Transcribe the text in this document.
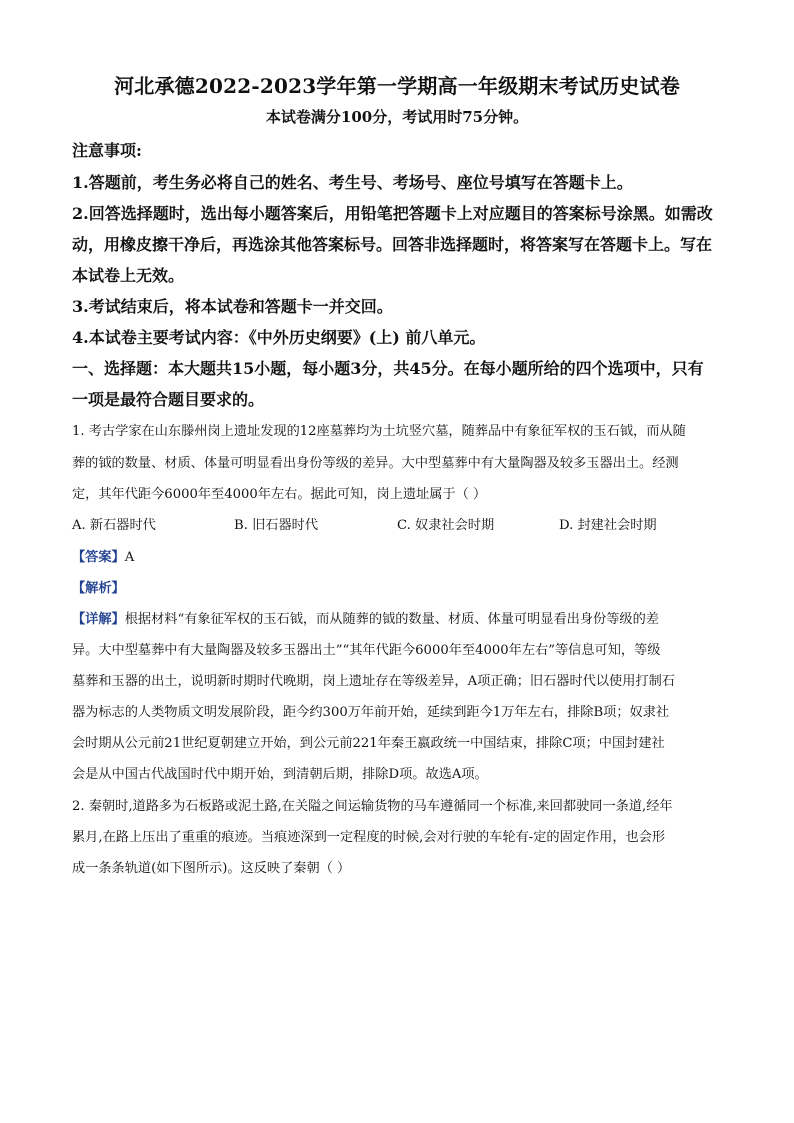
河北承德2022-2023学年第一学期高一年级期末考试历史试卷
本试卷满分100分，考试用时75分钟。
注意事项:
1.答题前，考生务必将自己的姓名、考生号、考场号、座位号填写在答题卡上。
2.回答选择题时，选出每小题答案后，用铅笔把答题卡上对应题目的答案标号涂黑。如需改
动，用橡皮擦干净后，再选涂其他答案标号。回答非选择题时，将答案写在答题卡上。写在
本试卷上无效。
3.考试结束后，将本试卷和答题卡一并交回。
4.本试卷主要考试内容：《中外历史纲要》(上) 前八单元。
一、选择题：本大题共15小题，每小题3分，共45分。在每小题所给的四个选项中，只有
一项是最符合题目要求的。
1. 考古学家在山东滕州岗上遗址发现的12座墓葬均为土坑竖穴墓，随葬品中有象征军权的玉石钺，而从随
葬的钺的数量、材质、体量可明显看出身份等级的差异。大中型墓葬中有大量陶器及较多玉器出土。经测
定，其年代距今6000年至4000年左右。据此可知，岗上遗址属于（ ）
A. 新石器时代	B. 旧石器时代	C. 奴隶社会时期	D. 封建社会时期
【答案】A
【解析】
【详解】根据材料“有象征军权的玉石钺，而从随葬的钺的数量、材质、体量可明显看出身份等级的差
异。大中型墓葬中有大量陶器及较多玉器出土”“其年代距今6000年至4000年左右”等信息可知，等级
墓葬和玉器的出土，说明新时期时代晚期，岗上遗址存在等级差异，A项正确；旧石器时代以使用打制石
器为标志的人类物质文明发展阶段，距今约300万年前开始，延续到距今1万年左右，排除B项；奴隶社
会时期从公元前21世纪夏朝建立开始，到公元前221年秦王嬴政统一中国结束，排除C项；中国封建社
会是从中国古代战国时代中期开始，到清朝后期，排除D项。故选A项。
2. 秦朝时,道路多为石板路或泥土路,在关隘之间运输货物的马车遵循同一个标准,来回都驶同一条道,经年
累月,在路上压出了重重的痕迹。当痕迹深到一定程度的时候,会对行驶的车轮有-定的固定作用，也会形
成一条条轨道(如下图所示)。这反映了秦朝（ ）
